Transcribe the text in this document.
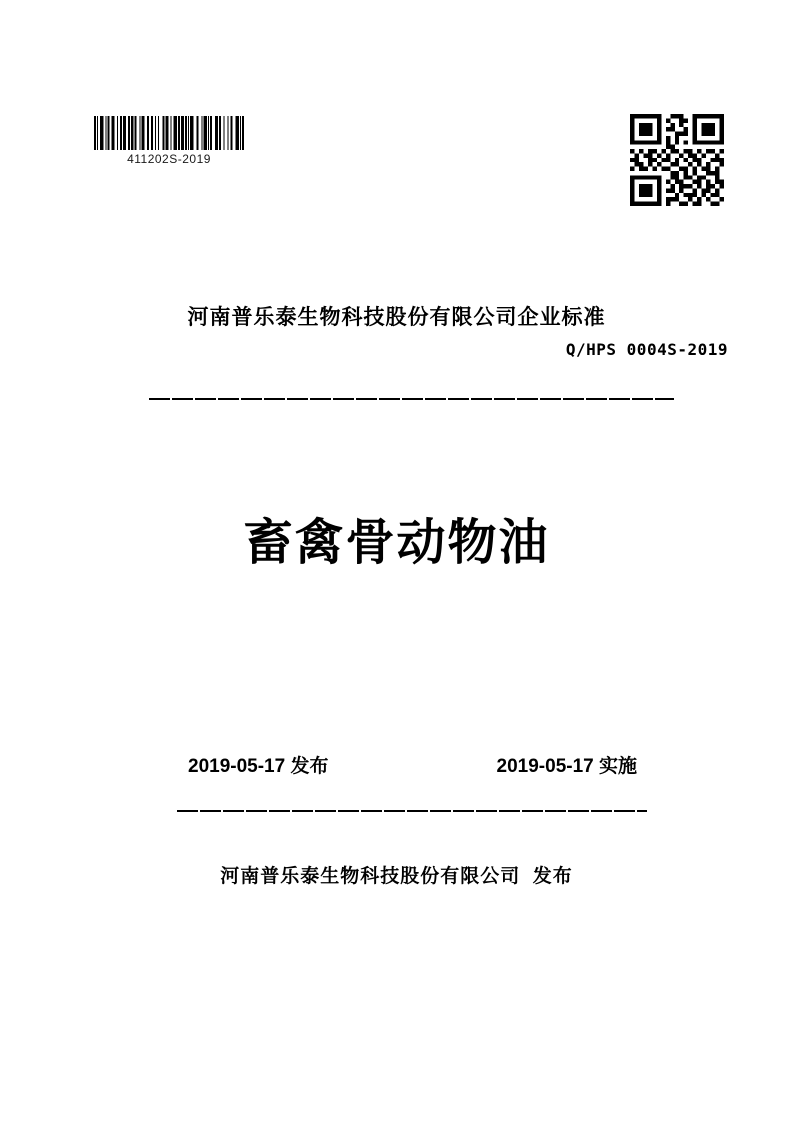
411202S-2019
河南普乐泰生物科技股份有限公司企业标准
Q/HPS 0004S-2019
畜禽骨动物油
2019-05-17 发布	2019-05-17 实施
河南普乐泰生物科技股份有限公司  发布
